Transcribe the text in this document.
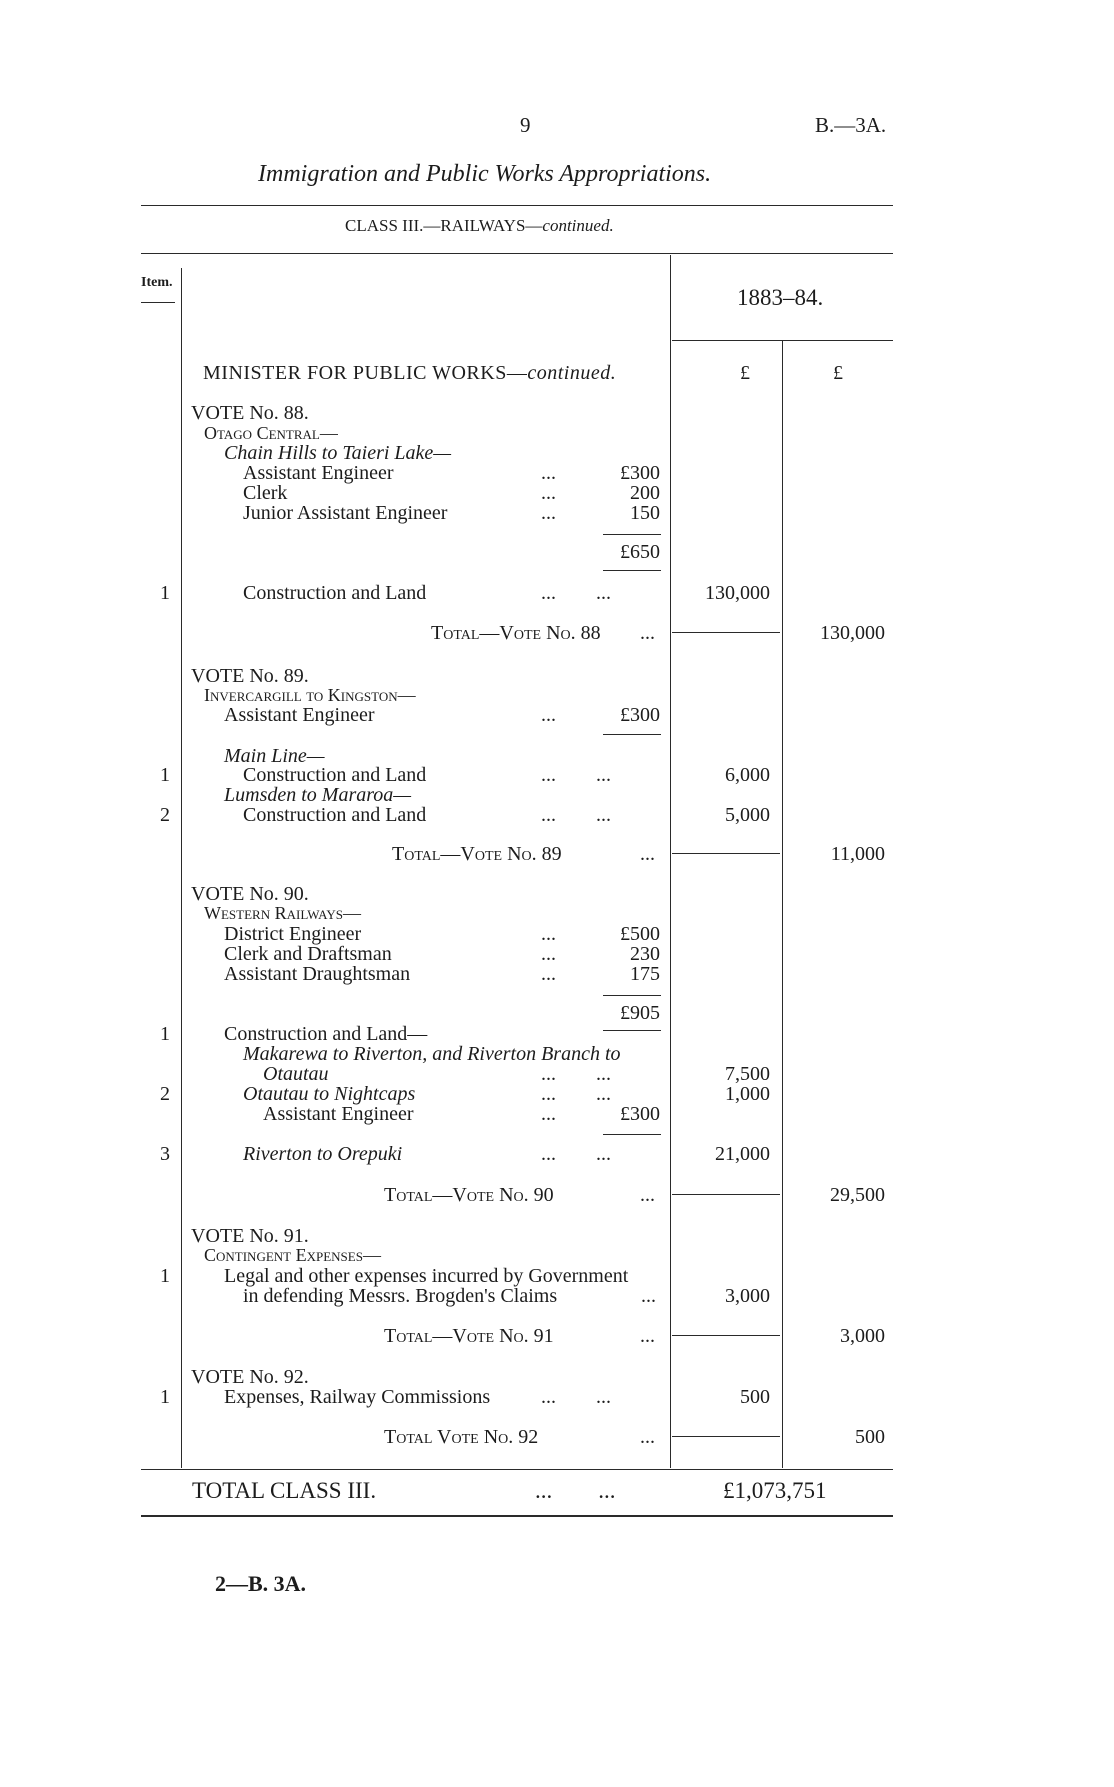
9	B.—3A.
Immigration and Public Works Appropriations.
CLASS III.—RAILWAYS—continued.
Item.
1883–84.
£	£
MINISTER FOR PUBLIC WORKS—continued.
VOTE No. 88.
Otago Central—
Chain Hills to Taieri Lake—
Assistant Engineer	...	£300
Clerk	...	200
Junior Assistant Engineer	...	150
£650
1	Construction and Land	...        ...	130,000
Total—Vote No. 88 ...	130,000
VOTE No. 89.
Invercargill to Kingston—
Assistant Engineer	...	£300
Main Line—
1	Construction and Land	...        ...	6,000
Lumsden to Mararoa—
2	Construction and Land	...        ...	5,000
Total—Vote No. 89	...	11,000
VOTE No. 90.
Western Railways—
District Engineer	...	£500
Clerk and Draftsman	...	230
Assistant Draughtsman	...	175
£905
1	Construction and Land—
Makarewa to Riverton, and Riverton Branch to
Otautau	...        ...	7,500
2	Otautau to Nightcaps	...        ...	1,000
Assistant Engineer	...	£300
3	Riverton to Orepuki	...        ...	21,000
Total—Vote No. 90	...	29,500
VOTE No. 91.
Contingent Expenses—
1	Legal and other expenses incurred by Government
in defending Messrs. Brogden's Claims	...	3,000
Total—Vote No. 91	...	3,000
VOTE No. 92.
1	Expenses, Railway Commissions	...        ...	500
Total Vote No. 92	...	500
TOTAL CLASS III.	...        ...	£1,073,751
2—B. 3A.
